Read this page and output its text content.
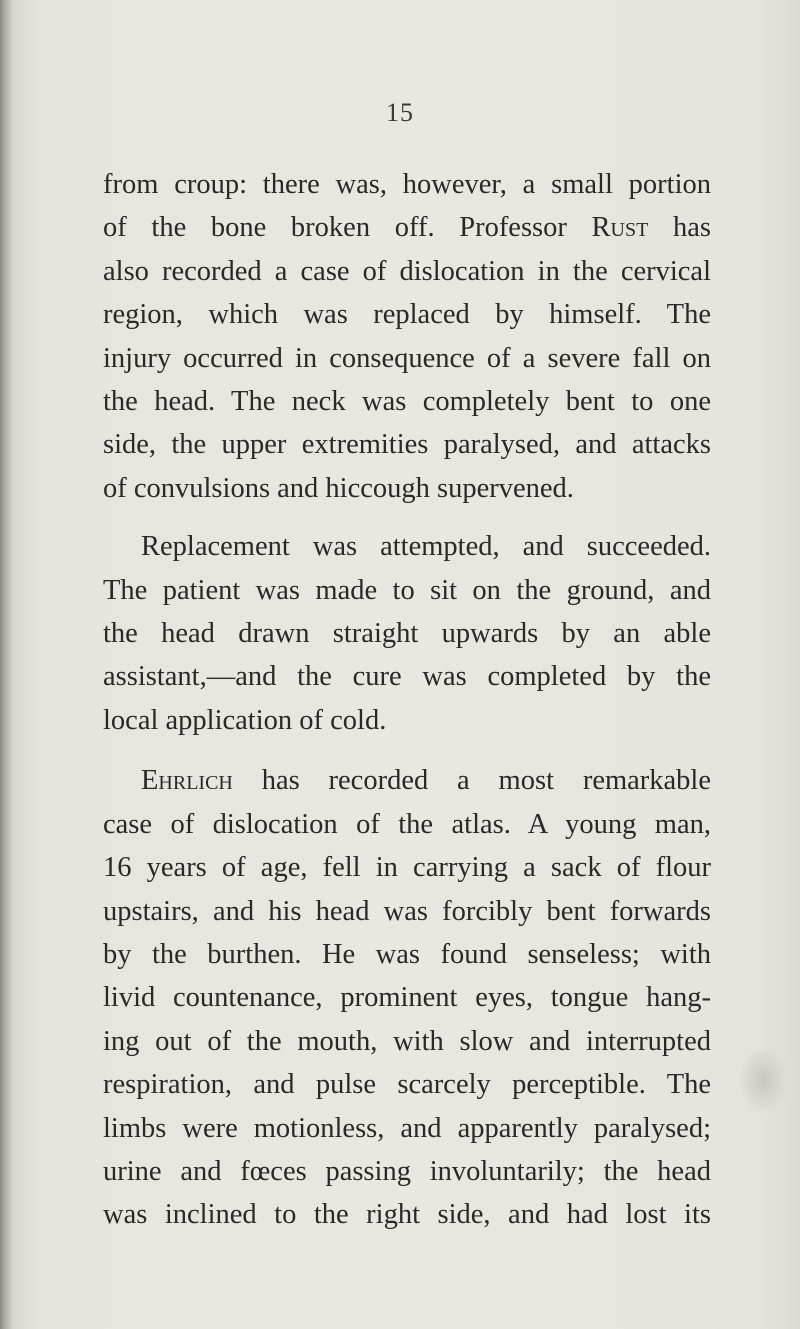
15
from croup: there was, however, a small portion
of the bone broken off. Professor Rust has
also recorded a case of dislocation in the cervical
region, which was replaced by himself. The
injury occurred in consequence of a severe fall on
the head. The neck was completely bent to one
side, the upper extremities paralysed, and attacks
of convulsions and hiccough supervened.
Replacement was attempted, and succeeded.
The patient was made to sit on the ground, and
the head drawn straight upwards by an able
assistant,—and the cure was completed by the
local application of cold.
Ehrlich has recorded a most remarkable
case of dislocation of the atlas. A young man,
16 years of age, fell in carrying a sack of flour
upstairs, and his head was forcibly bent forwards
by the burthen. He was found senseless; with
livid countenance, prominent eyes, tongue hang-
ing out of the mouth, with slow and interrupted
respiration, and pulse scarcely perceptible. The
limbs were motionless, and apparently paralysed;
urine and fœces passing involuntarily; the head
was inclined to the right side, and had lost its
